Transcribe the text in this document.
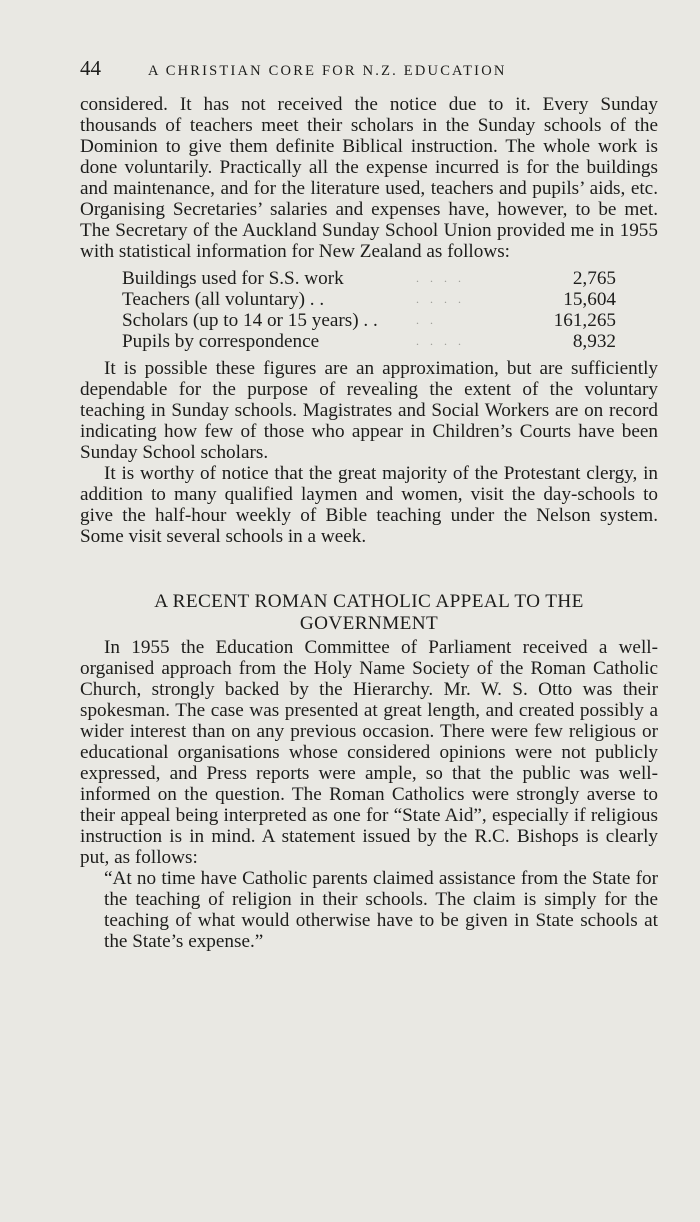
44	A CHRISTIAN CORE FOR N.Z. EDUCATION

considered. It has not received the notice due to it. Every Sunday thousands of teachers meet their scholars in the Sunday schools of the Dominion to give them definite Biblical instruction. The whole work is done voluntarily. Practically all the expense incurred is for the buildings and maintenance, and for the literature used, teachers and pupils’ aids, etc. Organising Secretaries’ salaries and expenses have, however, to be met. The Secretary of the Auckland Sunday School Union provided me in 1955 with statistical information for New Zealand as follows:

Buildings used for S.S. work	. . . .	2,765
Teachers (all voluntary) . .	. . . .	15,604
Scholars (up to 14 or 15 years) . .	. .	161,265
Pupils by correspondence	. . . .	8,932

It is possible these figures are an approximation, but are sufficiently dependable for the purpose of revealing the extent of the voluntary teaching in Sunday schools. Magistrates and Social Workers are on record indicating how few of those who appear in Children’s Courts have been Sunday School scholars.

It is worthy of notice that the great majority of the Protestant clergy, in addition to many qualified laymen and women, visit the day-schools to give the half-hour weekly of Bible teaching under the Nelson system. Some visit several schools in a week.

A RECENT ROMAN CATHOLIC APPEAL TO THE
GOVERNMENT

In 1955 the Education Committee of Parliament received a well-organised approach from the Holy Name Society of the Roman Catholic Church, strongly backed by the Hierarchy. Mr. W. S. Otto was their spokesman. The case was presented at great length, and created possibly a wider interest than on any previous occasion. There were few religious or educational organisations whose considered opinions were not publicly expressed, and Press reports were ample, so that the public was well-informed on the question. The Roman Catholics were strongly averse to their appeal being interpreted as one for “State Aid”, especially if religious instruction is in mind. A statement issued by the R.C. Bishops is clearly put, as follows:

“At no time have Catholic parents claimed assistance from the State for the teaching of religion in their schools. The claim is simply for the teaching of what would otherwise have to be given in State schools at the State’s expense.”
